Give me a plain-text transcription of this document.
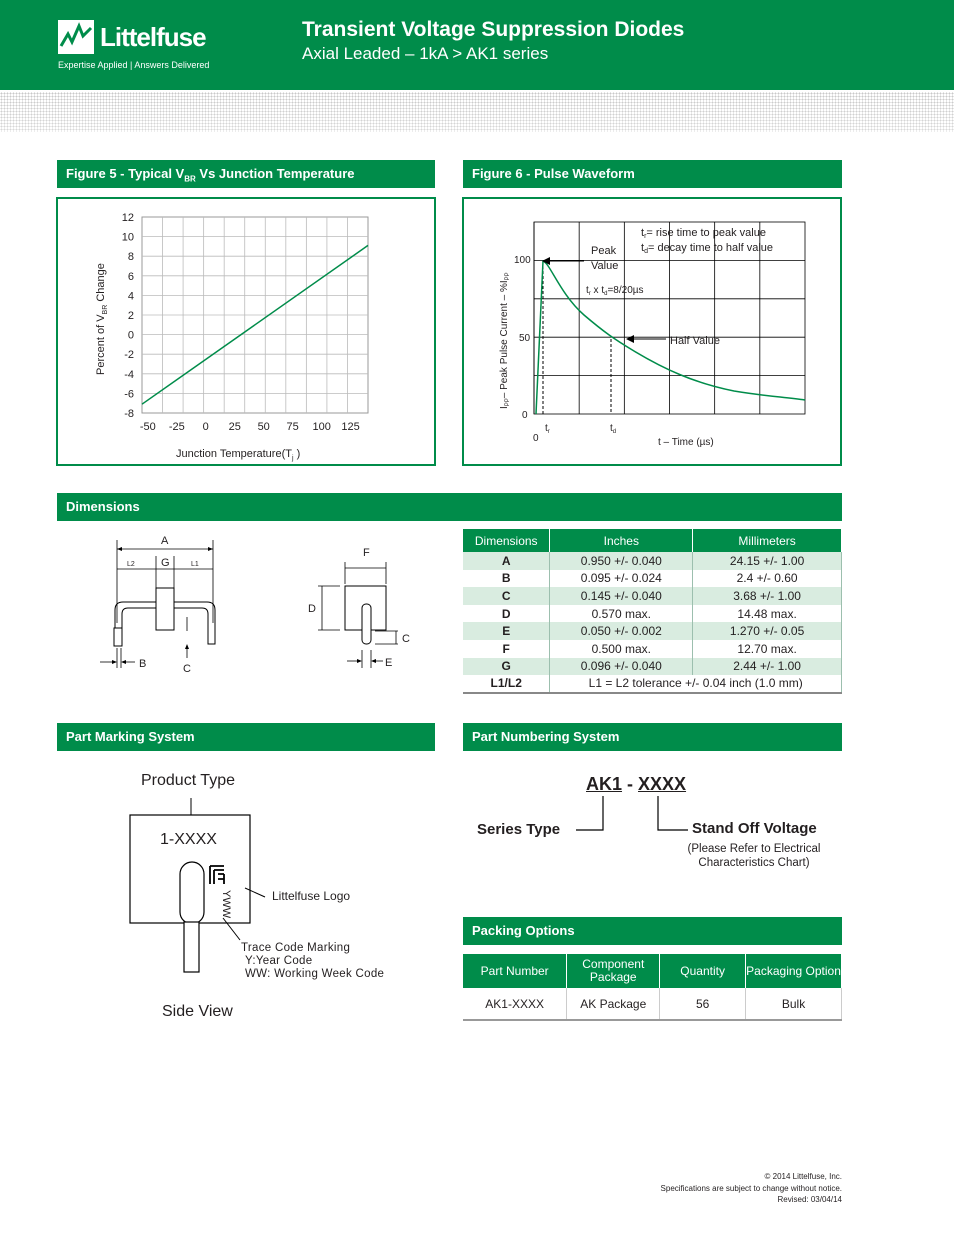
Littelfuse
Expertise Applied | Answers Delivered
Transient Voltage Suppression Diodes
Axial Leaded – 1kA > AK1 series
Figure 5 - Typical $V_{BR}$ Vs Junction Temperature
12
10
8
6
4
2
0
-2
-4
-6
-8
-50 -25 0 25 50 75 100 125
Percent of $V_{BR}$ Change
Junction $Temperature(T_j$ )
Figure 6 - Pulse Waveform
Peak
Value
tr= rise time to peak value
td= decay time to half value
$t_r$ x $t_d=8/20\mu s$
Half Value
100
50
0
0
$t_r$	$t_d$
t – Time (µs)
$I_{PP}-$ Peak Pulse Current – $\%I_{PP}$
Dimensions
A
L2 G	L1
B	C
F
D
C
E
Dimensions	Inches	Millimeters
A	0.950 +/- 0.040	24.15 +/- 1.00
B	0.095 +/- 0.024	2.4 +/- 0.60
C	0.145 +/- 0.040	3.68 +/- 1.00
D	0.570 max.	14.48 max.
E	0.050 +/- 0.002	1.270 +/- 0.05
F	0.500 max.	12.70 max.
G	0.096 +/- 0.040	2.44 +/- 1.00
L1/L2	L1 = L2 tolerance +/- 0.04 inch (1.0 mm)	
Part Marking System
Product Type
1-XXXX
YWW	Littelfuse Logo
Trace Code Marking
Y:Year Code
WW: Working Week Code
Side View
Part Numbering System
AK1 - XXXX
Series Type	Stand Off Voltage
(Please Refer to Electrical
Characteristics Chart)
Packing Options
Part Number	Component Package	Quantity	Packaging Option
AK1-XXXX	AK Package	56	Bulk
© 2014 Littelfuse, Inc.
Specifications are subject to change without notice.
Revised: 03/04/14
